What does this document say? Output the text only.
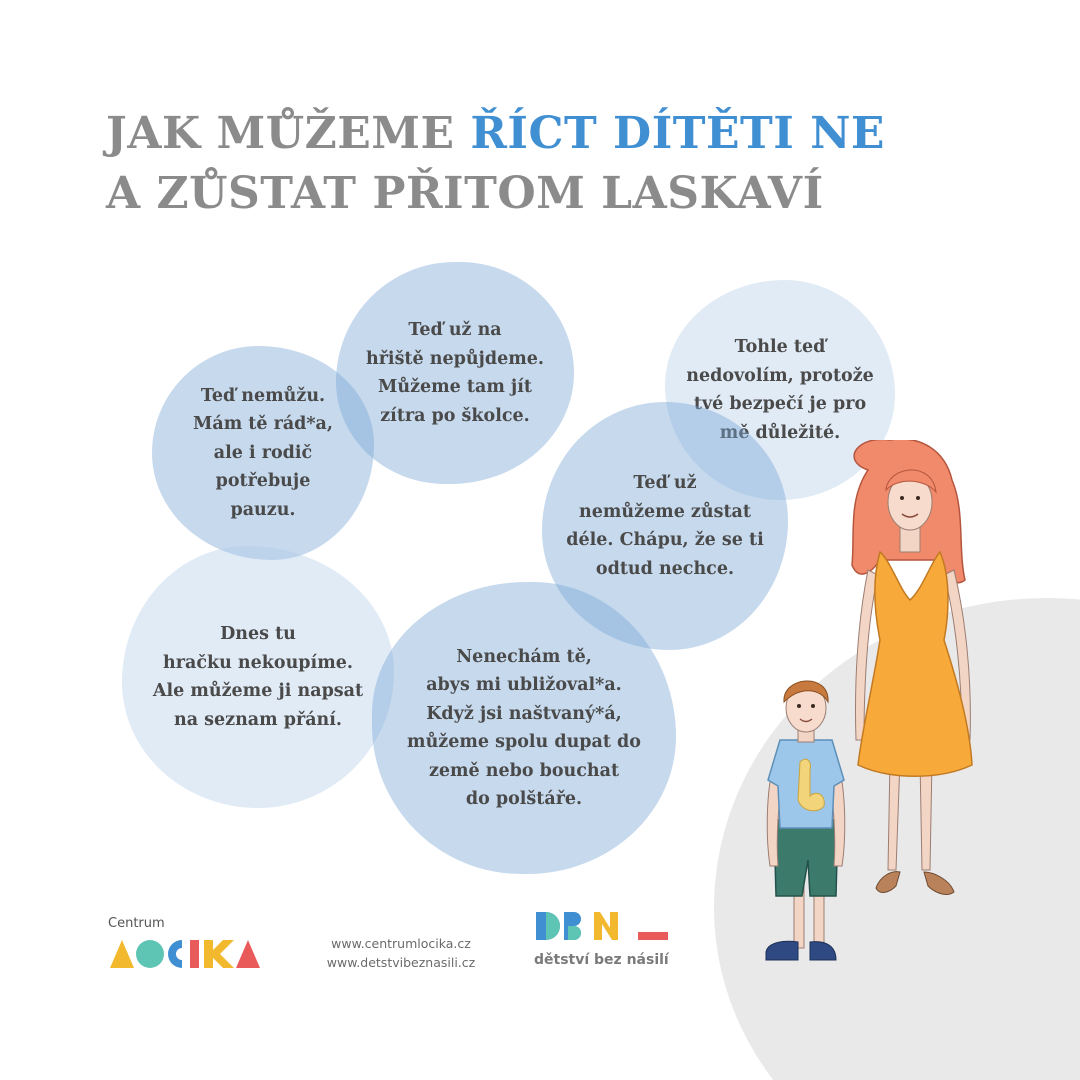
JAK MŮŽEME ŘÍCT DÍTĚTI NE
A ZŮSTAT PŘITOM LASKAVÍ
Teď už na
hřiště nepůjdeme.
Můžeme tam jít
zítra po školce.
Teď nemůžu.
Mám tě rád*a,
ale i rodič
potřebuje
pauzu.
Tohle teď
nedovolím, protože
tvé bezpečí je pro
mě důležité.
Teď už
nemůžeme zůstat
déle. Chápu, že se ti
odtud nechce.
Dnes tu
hračku nekoupíme.
Ale můžeme ji napsat
na seznam přání.
Nenechám tě,
abys mi ubližoval*a.
Když jsi naštvaný*á,
můžeme spolu dupat do
země nebo bouchat
do polštáře.
Centrum
www.centrumlocika.cz
www.detstvibeznasili.cz	dětství bez násilí
